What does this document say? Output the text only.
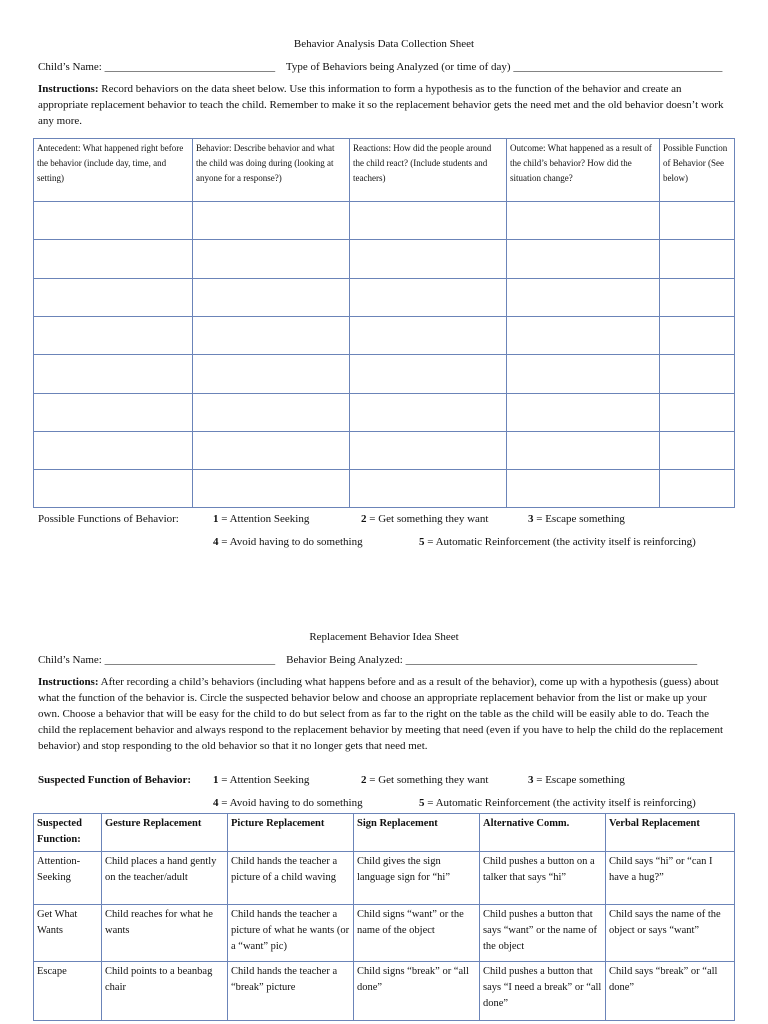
Behavior Analysis Data Collection Sheet
Child’s Name: _______________________________ Type of Behaviors being Analyzed (or time of day) ______________________________________
Instructions: Record behaviors on the data sheet below. Use this information to form a hypothesis as to the function of the behavior and create an appropriate replacement behavior to teach the child. Remember to make it so the replacement behavior gets the need met and the old behavior doesn’t work any more.
Antecedent: What happened right before the behavior (include day, time, and setting)	Behavior: Describe behavior and what the child was doing during (looking at anyone for a response?)	Reactions: How did the people around the child react? (Include students and teachers)	Outcome: What happened as a result of the child’s behavior? How did the situation change?	Possible Function of Behavior (See below)

Possible Functions of Behavior:	1 = Attention Seeking	2 = Get something they want	3 = Escape something
4 = Avoid having to do something	5 = Automatic Reinforcement (the activity itself is reinforcing)
Replacement Behavior Idea Sheet
Child’s Name: _______________________________ Behavior Being Analyzed: _____________________________________________________
Instructions: After recording a child’s behaviors (including what happens before and as a result of the behavior), come up with a hypothesis (guess) about what the function of the behavior is. Circle the suspected behavior below and choose an appropriate replacement behavior from the list or make up your own. Choose a behavior that will be easy for the child to do but select from as far to the right on the table as the child will be easily able to do. Teach the child the replacement behavior and always respond to the replacement behavior by meeting that need (even if you have to help the child do the replacement behavior) and stop responding to the old behavior so that it no longer gets that need met.
Suspected Function of Behavior: 1 = Attention Seeking	2 = Get something they want	3 = Escape something
4 = Avoid having to do something	5 = Automatic Reinforcement (the activity itself is reinforcing)
Suspected Function:	Gesture Replacement	Picture Replacement	Sign Replacement	Alternative Comm.	Verbal Replacement
Attention-Seeking	Child places a hand gently on the teacher/adult	Child hands the teacher a picture of a child waving	Child gives the sign language sign for “hi”	Child pushes a button on a talker that says “hi”	Child says “hi” or “can I have a hug?”
Get What Wants	Child reaches for what he wants	Child hands the teacher a picture of what he wants (or a “want” pic)	Child signs “want” or the name of the object	Child pushes a button that says “want” or the name of the object	Child says the name of the object or says “want”
Escape	Child points to a beanbag chair	Child hands the teacher a “break” picture	Child signs “break” or “all done”	Child pushes a button that says “I need a break” or “all done”	Child says “break” or “all done”
